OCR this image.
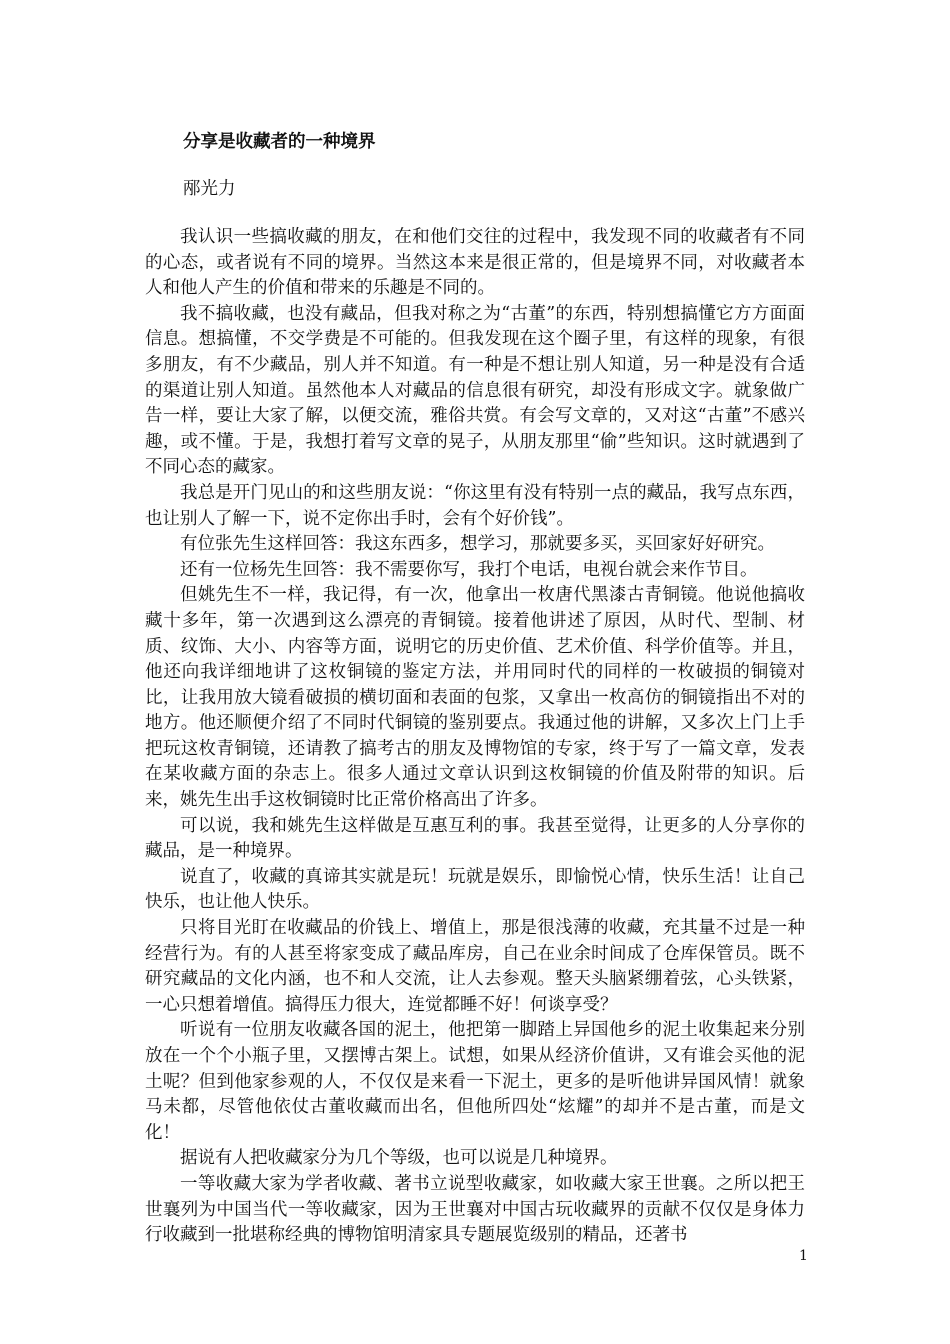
分享是收藏者的一种境界
邴光力

我认识一些搞收藏的朋友，在和他们交往的过程中，我发现不同的收藏者有不同的心态，或者说有不同的境界。当然这本来是很正常的，但是境界不同，对收藏者本人和他人产生的价值和带来的乐趣是不同的。

我不搞收藏，也没有藏品，但我对称之为“古董”的东西，特别想搞懂它方方面面信息。想搞懂，不交学费是不可能的。但我发现在这个圈子里，有这样的现象，有很多朋友，有不少藏品，别人并不知道。有一种是不想让别人知道，另一种是没有合适的渠道让别人知道。虽然他本人对藏品的信息很有研究，却没有形成文字。就象做广告一样，要让大家了解，以便交流，雅俗共赏。有会写文章的，又对这“古董”不感兴趣，或不懂。于是，我想打着写文章的晃子，从朋友那里“偷”些知识。这时就遇到了不同心态的藏家。

我总是开门见山的和这些朋友说：“你这里有没有特别一点的藏品，我写点东西，也让别人了解一下，说不定你出手时，会有个好价钱”。

有位张先生这样回答：我这东西多，想学习，那就要多买，买回家好好研究。

还有一位杨先生回答：我不需要你写，我打个电话，电视台就会来作节目。

但姚先生不一样，我记得，有一次，他拿出一枚唐代黑漆古青铜镜。他说他搞收藏十多年，第一次遇到这么漂亮的青铜镜。接着他讲述了原因，从时代、型制、材质、纹饰、大小、内容等方面，说明它的历史价值、艺术价值、科学价值等。并且，他还向我详细地讲了这枚铜镜的鉴定方法，并用同时代的同样的一枚破损的铜镜对比，让我用放大镜看破损的横切面和表面的包浆，又拿出一枚高仿的铜镜指出不对的地方。他还顺便介绍了不同时代铜镜的鉴别要点。我通过他的讲解，又多次上门上手把玩这枚青铜镜，还请教了搞考古的朋友及博物馆的专家，终于写了一篇文章，发表在某收藏方面的杂志上。很多人通过文章认识到这枚铜镜的价值及附带的知识。后来，姚先生出手这枚铜镜时比正常价格高出了许多。

可以说，我和姚先生这样做是互惠互利的事。我甚至觉得，让更多的人分享你的藏品，是一种境界。

说直了，收藏的真谛其实就是玩！玩就是娱乐，即愉悦心情，快乐生活！让自己快乐，也让他人快乐。

只将目光盯在收藏品的价钱上、增值上，那是很浅薄的收藏，充其量不过是一种经营行为。有的人甚至将家变成了藏品库房，自己在业余时间成了仓库保管员。既不研究藏品的文化内涵，也不和人交流，让人去参观。整天头脑紧绷着弦，心头铁紧，一心只想着增值。搞得压力很大，连觉都睡不好！何谈享受？

听说有一位朋友收藏各国的泥土，他把第一脚踏上异国他乡的泥土收集起来分别放在一个个小瓶子里，又摆博古架上。试想，如果从经济价值讲，又有谁会买他的泥土呢？但到他家参观的人，不仅仅是来看一下泥土，更多的是听他讲异国风情！就象马未都，尽管他依仗古董收藏而出名，但他所四处“炫耀”的却并不是古董，而是文化！

据说有人把收藏家分为几个等级，也可以说是几种境界。

一等收藏大家为学者收藏、著书立说型收藏家，如收藏大家王世襄。之所以把王世襄列为中国当代一等收藏家，因为王世襄对中国古玩收藏界的贡献不仅仅是身体力行收藏到一批堪称经典的博物馆明清家具专题展览级别的精品，还著书

1
